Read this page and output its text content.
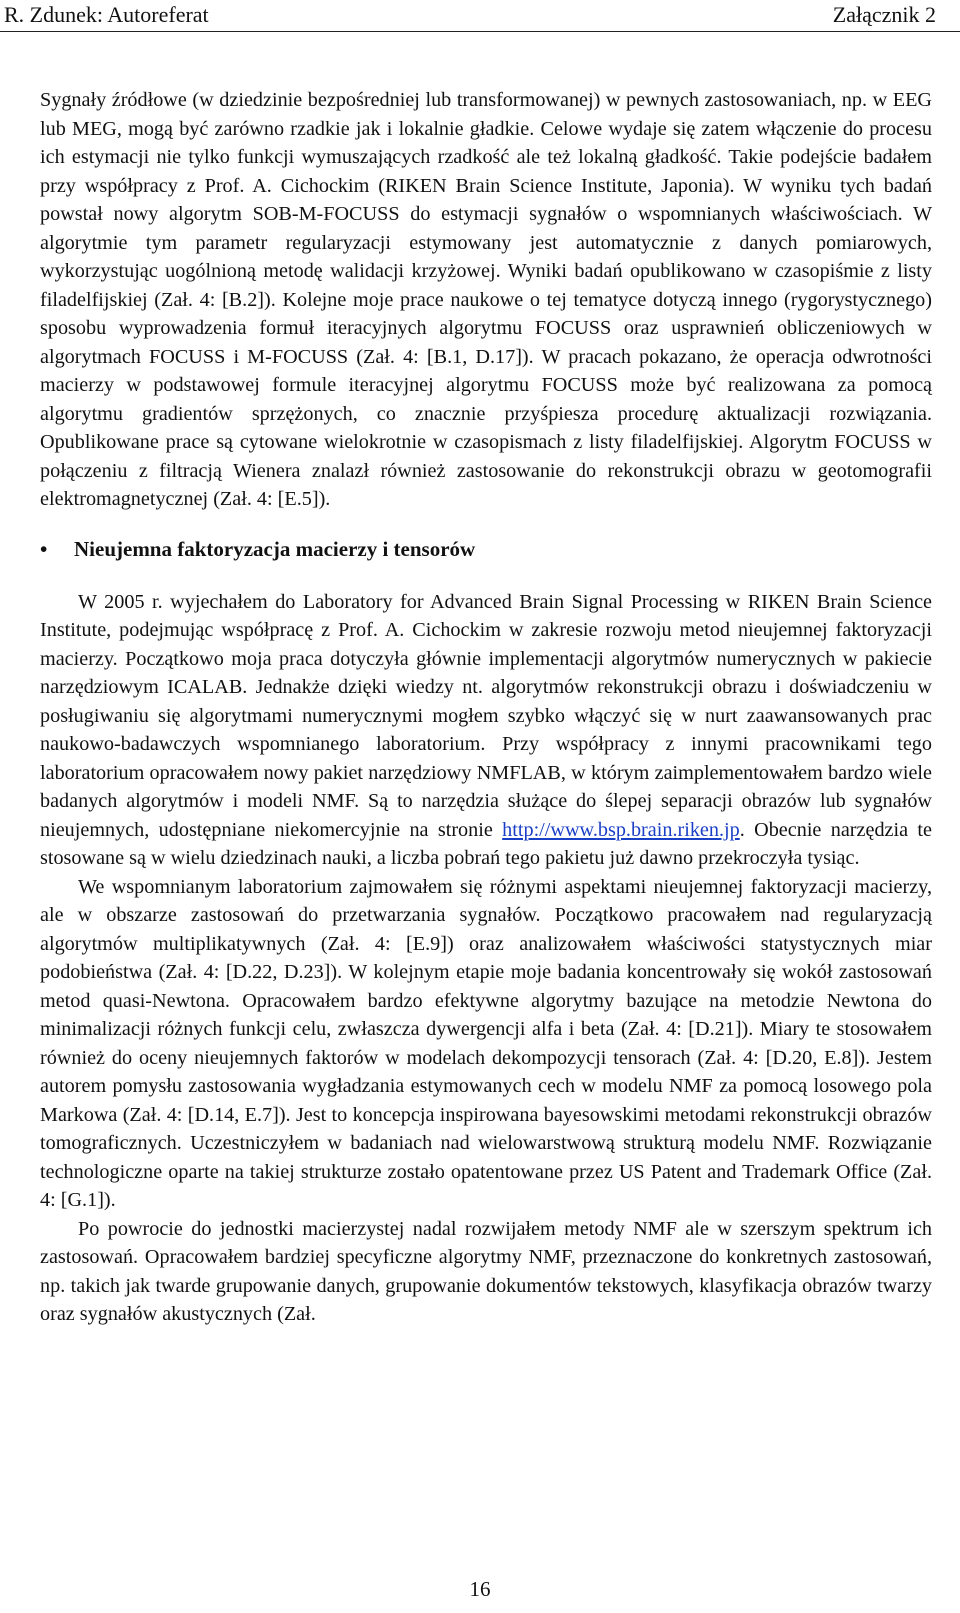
R. Zdunek: Autoreferat	Załącznik 2

Sygnały źródłowe (w dziedzinie bezpośredniej lub transformowanej) w pewnych zastosowaniach, np. w EEG lub MEG, mogą być zarówno rzadkie jak i lokalnie gładkie. Celowe wydaje się zatem włączenie do procesu ich estymacji nie tylko funkcji wymuszających rzadkość ale też lokalną gładkość. Takie podejście badałem przy współpracy z Prof. A. Cichockim (RIKEN Brain Science Institute, Japonia). W wyniku tych badań powstał nowy algorytm SOB-M-FOCUSS do estymacji sygnałów o wspomnianych właściwościach. W algorytmie tym parametr regularyzacji estymowany jest automatycznie z danych pomiarowych, wykorzystując uogólnioną metodę walidacji krzyżowej. Wyniki badań opublikowano w czasopiśmie z listy filadelfijskiej (Zał. 4: [B.2]). Kolejne moje prace naukowe o tej tematyce dotyczą innego (rygorystycznego) sposobu wyprowadzenia formuł iteracyjnych algorytmu FOCUSS oraz usprawnień obliczeniowych w algorytmach FOCUSS i M-FOCUSS (Zał. 4: [B.1, D.17]). W pracach pokazano, że operacja odwrotności macierzy w podstawowej formule iteracyjnej algorytmu FOCUSS może być realizowana za pomocą algorytmu gradientów sprzężonych, co znacznie przyśpiesza procedurę aktualizacji rozwiązania. Opublikowane prace są cytowane wielokrotnie w czasopismach z listy filadelfijskiej. Algorytm FOCUSS w połączeniu z filtracją Wienera znalazł również zastosowanie do rekonstrukcji obrazu w geotomografii elektromagnetycznej (Zał. 4: [E.5]).

• Nieujemna faktoryzacja macierzy i tensorów

W 2005 r. wyjechałem do Laboratory for Advanced Brain Signal Processing w RIKEN Brain Science Institute, podejmując współpracę z Prof. A. Cichockim w zakresie rozwoju metod nieujemnej faktoryzacji macierzy. Początkowo moja praca dotyczyła głównie implementacji algorytmów numerycznych w pakiecie narzędziowym ICALAB. Jednakże dzięki wiedzy nt. algorytmów rekonstrukcji obrazu i doświadczeniu w posługiwaniu się algorytmami numerycznymi mogłem szybko włączyć się w nurt zaawansowanych prac naukowo-badawczych wspomnianego laboratorium. Przy współpracy z innymi pracownikami tego laboratorium opracowałem nowy pakiet narzędziowy NMFLAB, w którym zaimplementowałem bardzo wiele badanych algorytmów i modeli NMF. Są to narzędzia służące do ślepej separacji obrazów lub sygnałów nieujemnych, udostępniane niekomercyjnie na stronie http://www.bsp.brain.riken.jp. Obecnie narzędzia te stosowane są w wielu dziedzinach nauki, a liczba pobrań tego pakietu już dawno przekroczyła tysiąc.

We wspomnianym laboratorium zajmowałem się różnymi aspektami nieujemnej faktoryzacji macierzy, ale w obszarze zastosowań do przetwarzania sygnałów. Początkowo pracowałem nad regularyzacją algorytmów multiplikatywnych (Zał. 4: [E.9]) oraz analizowałem właściwości statystycznych miar podobieństwa (Zał. 4: [D.22, D.23]). W kolejnym etapie moje badania koncentrowały się wokół zastosowań metod quasi-Newtona. Opracowałem bardzo efektywne algorytmy bazujące na metodzie Newtona do minimalizacji różnych funkcji celu, zwłaszcza dywergencji alfa i beta (Zał. 4: [D.21]). Miary te stosowałem również do oceny nieujemnych faktorów w modelach dekompozycji tensorach (Zał. 4: [D.20, E.8]). Jestem autorem pomysłu zastosowania wygładzania estymowanych cech w modelu NMF za pomocą losowego pola Markowa (Zał. 4: [D.14, E.7]). Jest to koncepcja inspirowana bayesowskimi metodami rekonstrukcji obrazów tomograficznych. Uczestniczyłem w badaniach nad wielowarstwową strukturą modelu NMF. Rozwiązanie technologiczne oparte na takiej strukturze zostało opatentowane przez US Patent and Trademark Office (Zał. 4: [G.1]).

Po powrocie do jednostki macierzystej nadal rozwijałem metody NMF ale w szerszym spektrum ich zastosowań. Opracowałem bardziej specyficzne algorytmy NMF, przeznaczone do konkretnych zastosowań, np. takich jak twarde grupowanie danych, grupowanie dokumentów tekstowych, klasyfikacja obrazów twarzy oraz sygnałów akustycznych (Zał.

16
